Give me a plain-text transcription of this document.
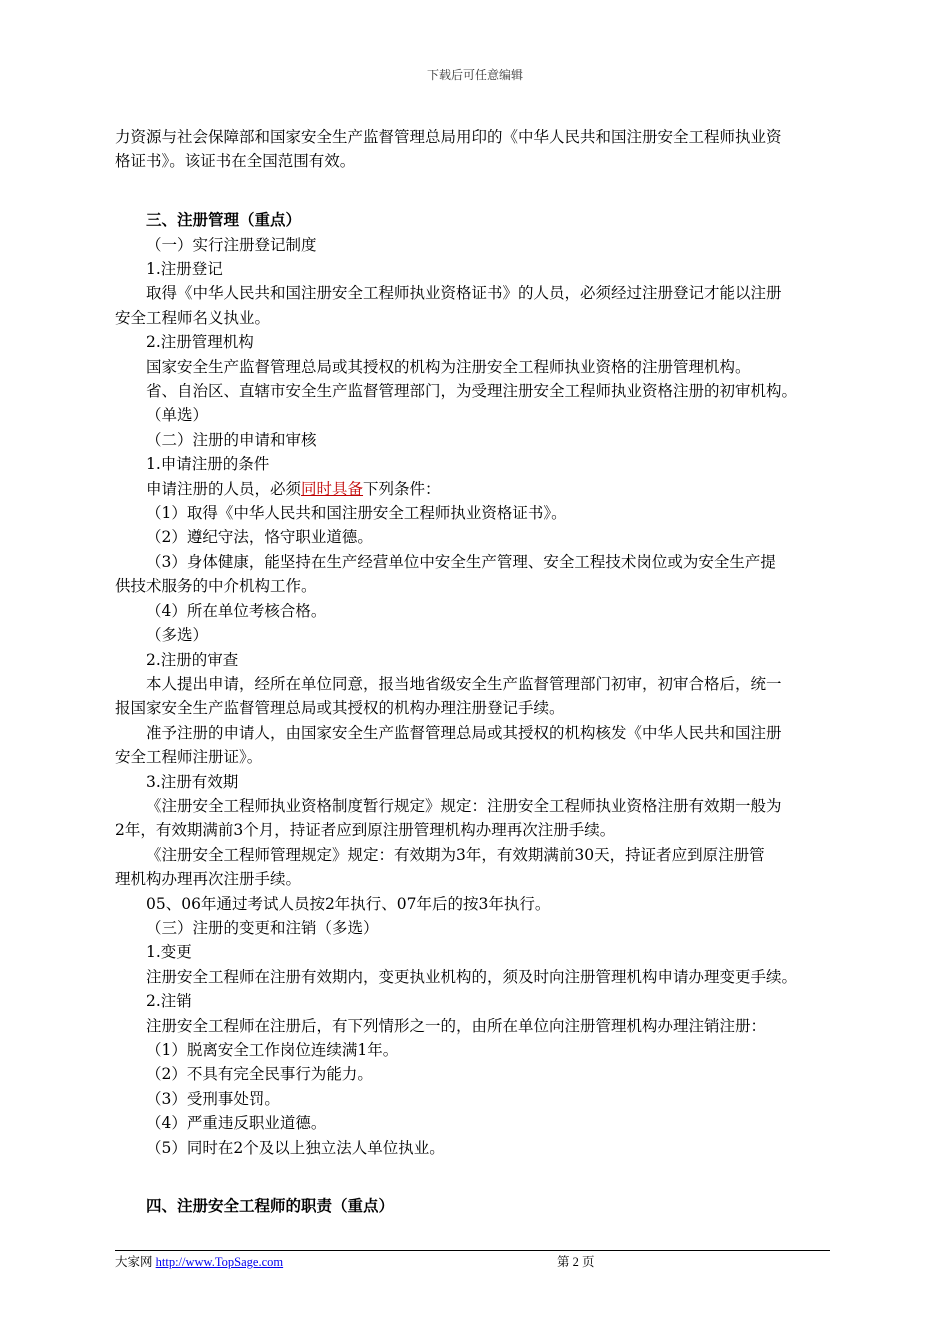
下载后可任意编辑
力资源与社会保障部和国家安全生产监督管理总局用印的《中华人民共和国注册安全工程师执业资
格证书》。该证书在全国范围有效。
三、注册管理（重点）
（一）实行注册登记制度
1.注册登记
取得《中华人民共和国注册安全工程师执业资格证书》的人员，必须经过注册登记才能以注册
安全工程师名义执业。
2.注册管理机构
国家安全生产监督管理总局或其授权的机构为注册安全工程师执业资格的注册管理机构。
省、自治区、直辖市安全生产监督管理部门，为受理注册安全工程师执业资格注册的初审机构。
（单选）
（二）注册的申请和审核
1.申请注册的条件
申请注册的人员，必须同时具备下列条件：
（1）取得《中华人民共和国注册安全工程师执业资格证书》。
（2）遵纪守法，恪守职业道德。
（3）身体健康，能坚持在生产经营单位中安全生产管理、安全工程技术岗位或为安全生产提
供技术服务的中介机构工作。
（4）所在单位考核合格。
（多选）
2.注册的审查
本人提出申请，经所在单位同意，报当地省级安全生产监督管理部门初审，初审合格后，统一
报国家安全生产监督管理总局或其授权的机构办理注册登记手续。
准予注册的申请人，由国家安全生产监督管理总局或其授权的机构核发《中华人民共和国注册
安全工程师注册证》。
3.注册有效期
《注册安全工程师执业资格制度暂行规定》规定：注册安全工程师执业资格注册有效期一般为
2年，有效期满前3个月，持证者应到原注册管理机构办理再次注册手续。
《注册安全工程师管理规定》规定：有效期为3年，有效期满前30天，持证者应到原注册管
理机构办理再次注册手续。
05、06年通过考试人员按2年执行、07年后的按3年执行。
（三）注册的变更和注销（多选）
1.变更
注册安全工程师在注册有效期内，变更执业机构的，须及时向注册管理机构申请办理变更手续。
2.注销
注册安全工程师在注册后，有下列情形之一的，由所在单位向注册管理机构办理注销注册：
（1）脱离安全工作岗位连续满1年。
（2）不具有完全民事行为能力。
（3）受刑事处罚。
（4）严重违反职业道德。
（5）同时在2个及以上独立法人单位执业。
四、注册安全工程师的职责（重点）
大家网 http://www.TopSage.com	第 2 页
